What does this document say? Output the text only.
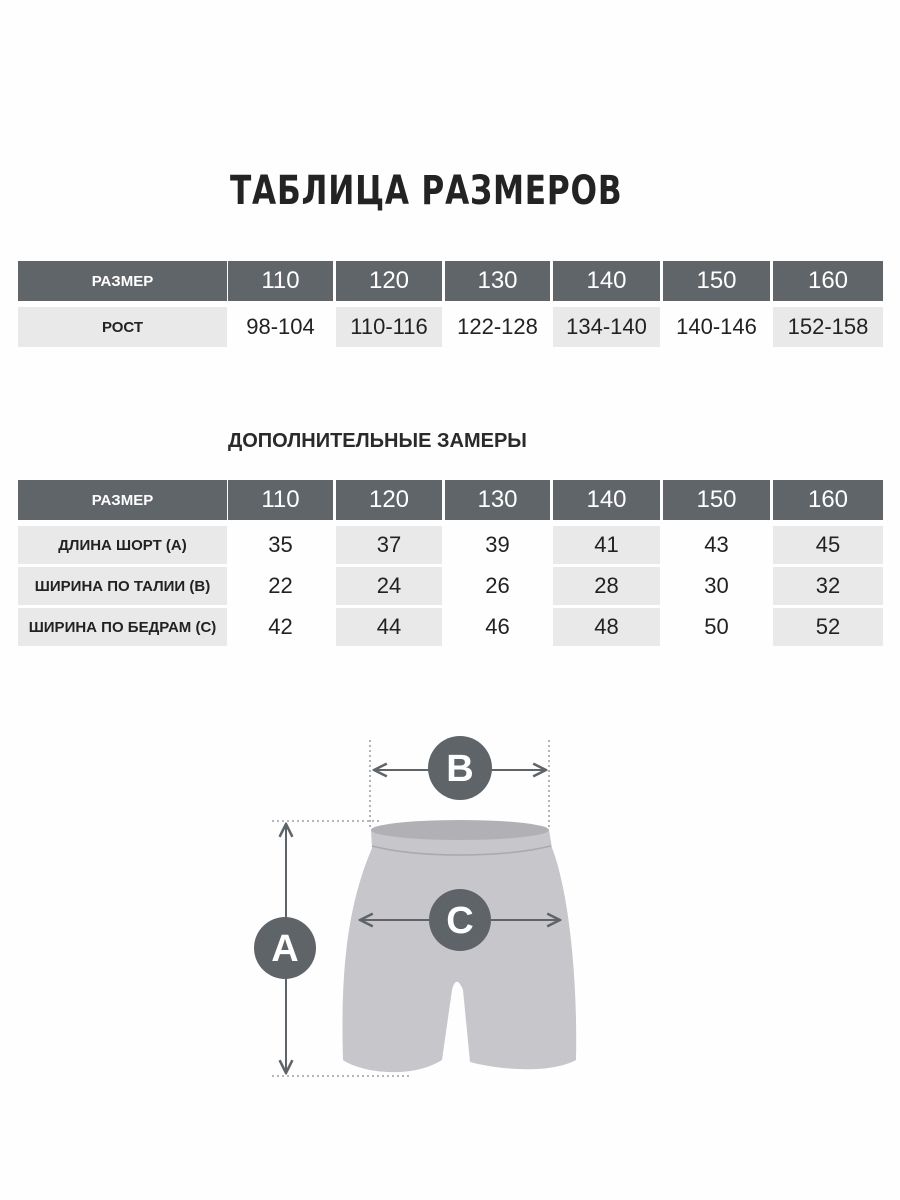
ТАБЛИЦА РАЗМЕРОВ
РАЗМЕР	110	120	130	140	150	160
РОСТ	98-104	110-116	122-128	134-140	140-146	152-158
ДОПОЛНИТЕЛЬНЫЕ ЗАМЕРЫ
РАЗМЕР	110	120	130	140	150	160
ДЛИНА ШОРТ (А)	35	37	39	41	43	45
ШИРИНА ПО ТАЛИИ (В)	22	24	26	28	30	32
ШИРИНА ПО БЕДРАМ (С)	42	44	46	48	50	52
B
C
A
